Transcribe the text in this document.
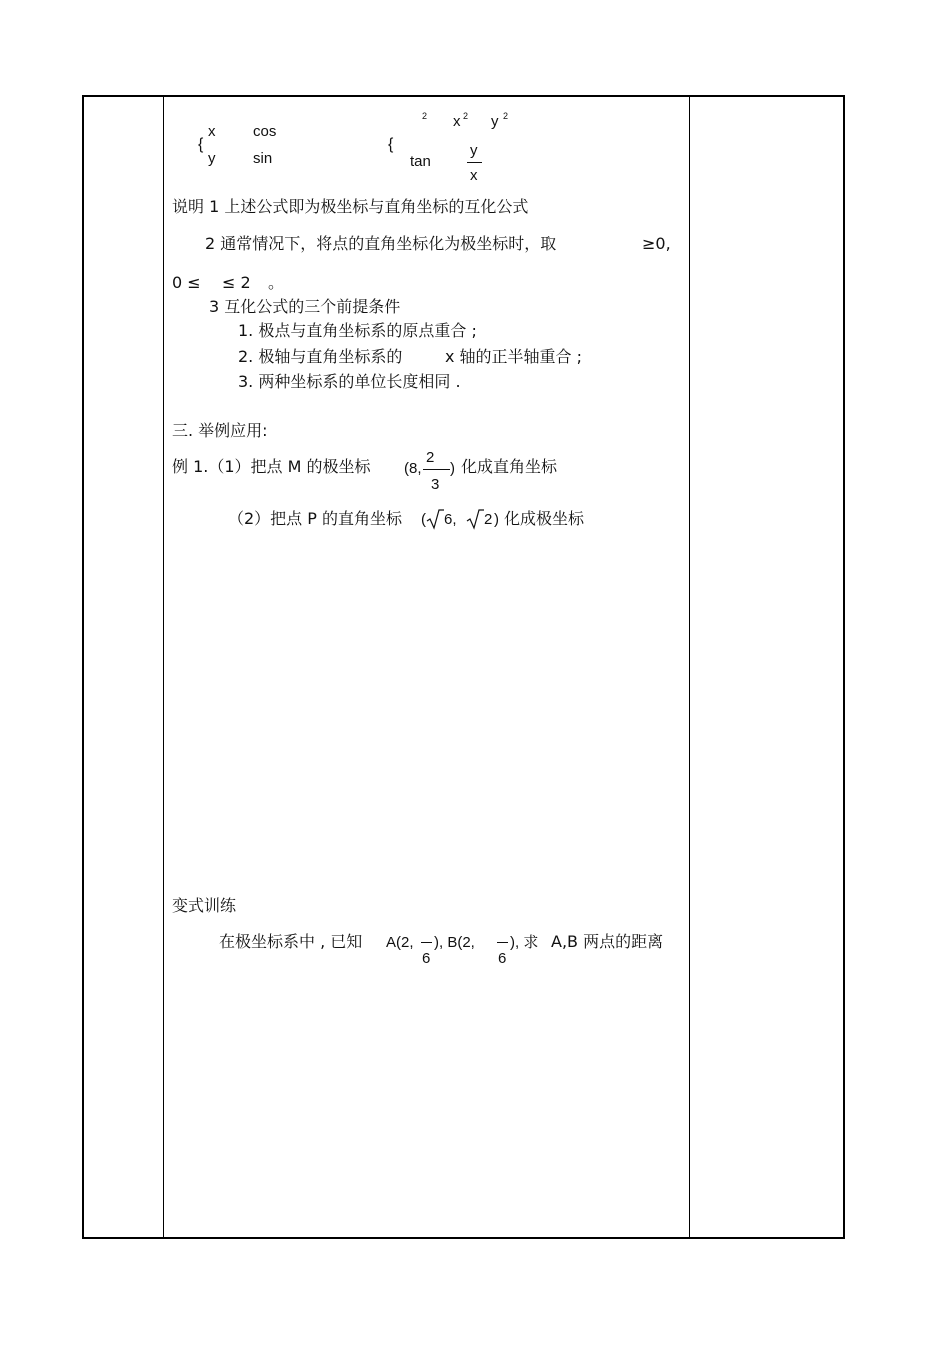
{
x
y
cos
sin
2 x 2 y 2
{
tan
y
x
说明 1 上述公式即为极坐标与直角坐标的互化公式
2 通常情况下，将点的直角坐标化为极坐标时，取	≥0,
0 ≤ ≤ 2 。
3 互化公式的三个前提条件
1. 极点与直角坐标系的原点重合 ;
2. 极轴与直角坐标系的	x 轴的正半轴重合 ;
3. 两种坐标系的单位长度相同 .
三. 举例应用:
例 1.（1）把点 M 的极坐标 (8,
2
3
) 化成直角坐标
（2）把点 P 的直角坐标 ( 6, 2 ) 化成极坐标
变式训练
在极坐标系中 , 已知 A(2,
6
), B(2,
6
), 求 A,B 两点的距离
